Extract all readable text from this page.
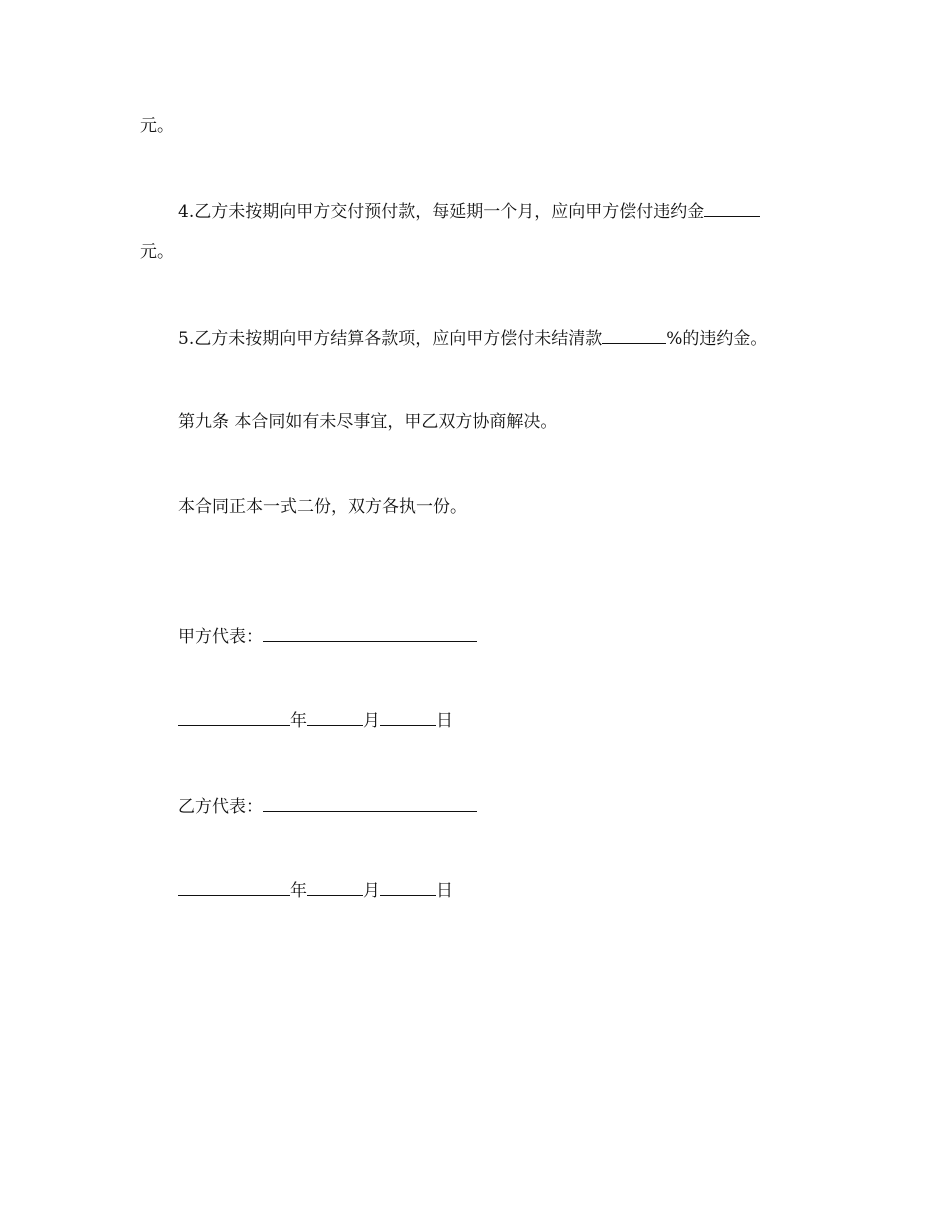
元。
4.乙方未按期向甲方交付预付款，每延期一个月，应向甲方偿付违约金
元。
5.乙方未按期向甲方结算各款项，应向甲方偿付未结清款	%的违约金。
第九条 本合同如有未尽事宜，甲乙双方协商解决。
本合同正本一式二份，双方各执一份。
甲方代表：
年	月	日
乙方代表：
年	月	日
